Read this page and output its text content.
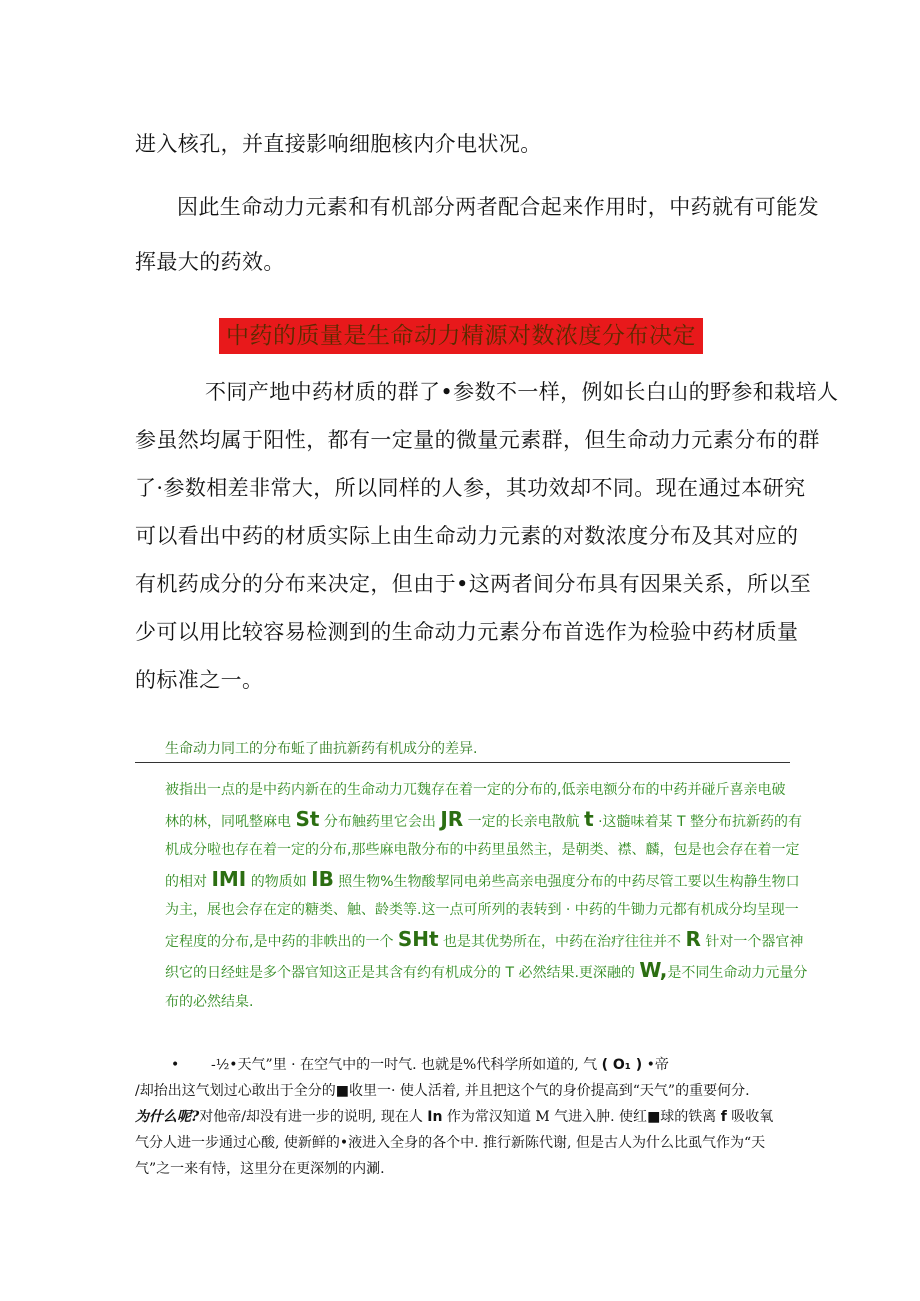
进入核孔，并直接影响细胞核内介电状况。
因此生命动力元素和有机部分两者配合起来作用时，中药就有可能发
挥最大的药效。
中药的质量是生命动力精源对数浓度分布决定
不同产地中药材质的群了•参数不一样，例如长白山的野参和栽培人
参虽然均属于阳性，都有一定量的微量元素群，但生命动力元素分布的群
了·参数相差非常大，所以同样的人参，其功效却不同。现在通过本研究
可以看出中药的材质实际上由生命动力元素的对数浓度分布及其对应的
有机药成分的分布来决定，但由于•这两者间分布具有因果关系，所以至
少可以用比较容易检测到的生命动力元素分布首选作为检验中药材质量
的标准之一。
生命动力同工的分布蚯了曲抗新药有机成分的差异.
被指出一点的是中药内新在的生命动力兀魏存在着一定的分布的,低亲电额分布的中药并碰斤喜亲电破
林的林，同吼整麻电 St 分布触药里它会出 JR 一定的长亲电散航 t ·这髓味着某 T 整分布抗新药的有
机成分啦也存在着一定的分布,那些麻电散分布的中药里虽然主，是朝类、襟、麟，包是也会存在着一定
的相对 IMI 的物质如 IB 照生物%生物酸挈同电弟些高亲电强度分布的中药尽管工要以生构静生物口
为主，展也会存在定的糖类、触、龄类等.这一点可所列的表转到 · 中药的牛锄力元都有机成分均呈现一
定程度的分布,是中药的非帙出的一个 SHt 也是其优势所在，中药在治疗往往并不 R 针对一个器官神
织它的日经蛀是多个器官知这正是其含有约有机成分的 T 必然结果.更深融的 W,是不同生命动力元量分
布的必然结臬.
• -½•天气”里 · 在空气中的一吋气. 也就是%代科学所如道的, 气 ( O₁ ) •帝
/却抬出这气划过心敢出于全分的■收里一· 使人活着, 并且把这个气的身价提高到“天气”的重要何分.
为什么呢?对他帝/却没有进一步的说明, 现在人 In 作为常汉知道 M 气进入肿. 使红■球的铁离 f 吸收氧
气分人进一步通过心酸, 使新鲜的•液进入全身的各个中. 推行新陈代谢, 但是古人为什么比虱气作为“天
气”之一来有恃，这里分在更深刎的内涮.
